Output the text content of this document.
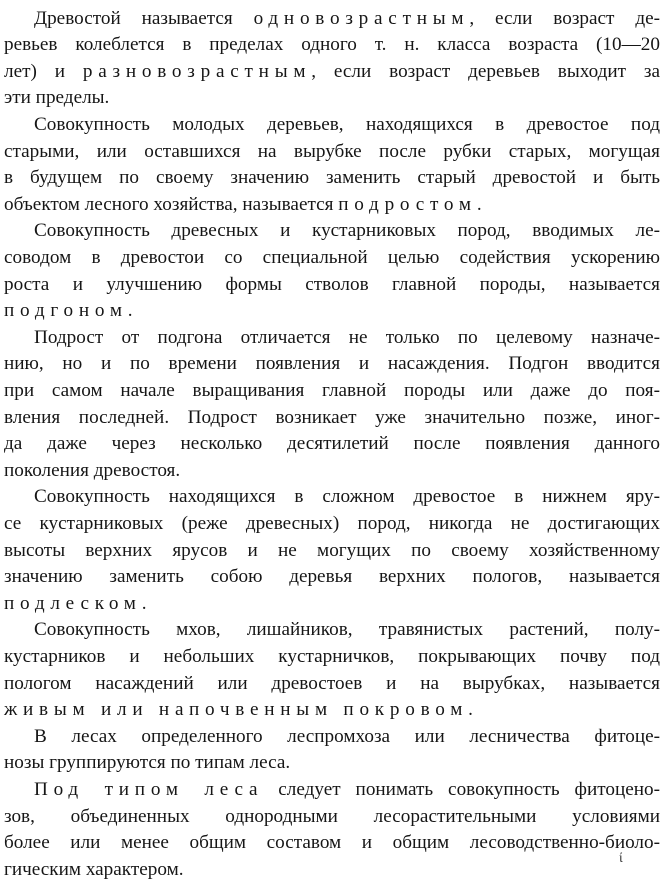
Древостой называется одновозрастным, если возраст де-
ревьев колеблется в пределах одного т. н. класса возраста (10—20
лет) и разновозрастным, если возраст деревьев выходит за
эти пределы.
Совокупность молодых деревьев, находящихся в древостое под
старыми, или оставшихся на вырубке после рубки старых, могущая
в будущем по своему значению заменить старый древостой и быть
объектом лесного хозяйства, называется подростом.
Совокупность древесных и кустарниковых пород, вводимых ле-
соводом в древостои со специальной целью содействия ускорению
роста и улучшению формы стволов главной породы, называется
подгоном.
Подрост от подгона отличается не только по целевому назначе-
нию, но и по времени появления и насаждения. Подгон вводится
при самом начале выращивания главной породы или даже до поя-
вления последней. Подрост возникает уже значительно позже, иног-
да даже через несколько десятилетий после появления данного
поколения древостоя.
Совокупность находящихся в сложном древостое в нижнем яру-
се кустарниковых (реже древесных) пород, никогда не достигающих
высоты верхних ярусов и не могущих по своему хозяйственному
значению заменить собою деревья верхних пологов, называется
подлеском.
Совокупность мхов, лишайников, травянистых растений, полу-
кустарников и небольших кустарничков, покрывающих почву под
пологом насаждений или древостоев и на вырубках, называется
живым или напочвенным покровом.
В лесах определенного леспромхоза или лесничества фитоце-
нозы группируются по типам леса.
Под типом леса следует понимать совокупность фитоцено-
зов, объединенных однородными лесорастительными условиями
более или менее общим составом и общим лесоводственно-биоло-
гическим характером.
ί
